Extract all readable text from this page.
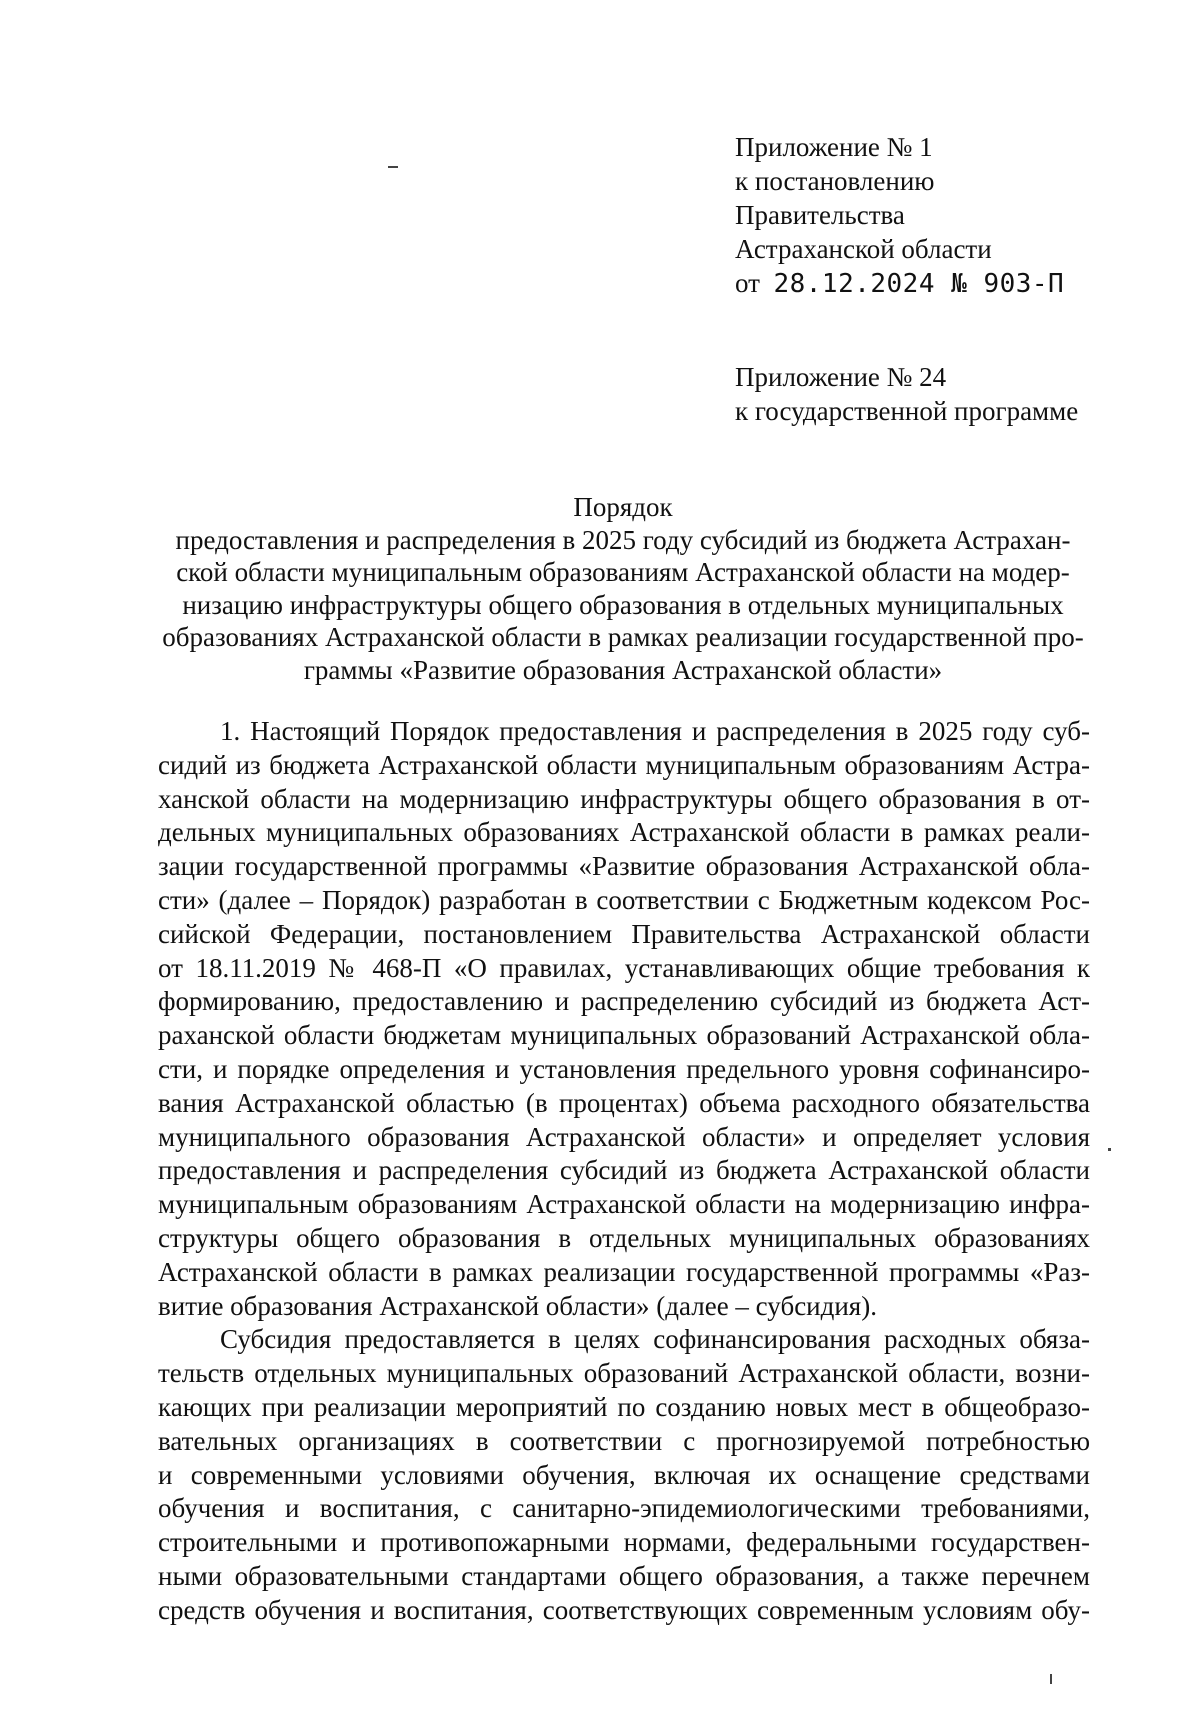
Приложение № 1
к постановлению
Правительства
Астраханской области
от 28.12.2024 № 903-П
Приложение № 24
к государственной программе
Порядок
предоставления и распределения в 2025 году субсидий из бюджета Астрахан-
ской области муниципальным образованиям Астраханской области на модер-
низацию инфраструктуры общего образования в отдельных муниципальных
образованиях Астраханской области в рамках реализации государственной про-
граммы «Развитие образования Астраханской области»
1. Настоящий Порядок предоставления и распределения в 2025 году суб-
сидий из бюджета Астраханской области муниципальным образованиям Астра-
ханской области на модернизацию инфраструктуры общего образования в от-
дельных муниципальных образованиях Астраханской области в рамках реали-
зации государственной программы «Развитие образования Астраханской обла-
сти» (далее – Порядок) разработан в соответствии с Бюджетным кодексом Рос-
сийской Федерации, постановлением Правительства Астраханской области
от 18.11.2019 № 468-П «О правилах, устанавливающих общие требования к
формированию, предоставлению и распределению субсидий из бюджета Аст-
раханской области бюджетам муниципальных образований Астраханской обла-
сти, и порядке определения и установления предельного уровня софинансиро-
вания Астраханской областью (в процентах) объема расходного обязательства
муниципального образования Астраханской области» и определяет условия
предоставления и распределения субсидий из бюджета Астраханской области
муниципальным образованиям Астраханской области на модернизацию инфра-
структуры общего образования в отдельных муниципальных образованиях
Астраханской области в рамках реализации государственной программы «Раз-
витие образования Астраханской области» (далее – субсидия).
Субсидия предоставляется в целях софинансирования расходных обяза-
тельств отдельных муниципальных образований Астраханской области, возни-
кающих при реализации мероприятий по созданию новых мест в общеобразо-
вательных организациях в соответствии с прогнозируемой потребностью
и современными условиями обучения, включая их оснащение средствами
обучения и воспитания, с санитарно-эпидемиологическими требованиями,
строительными и противопожарными нормами, федеральными государствен-
ными образовательными стандартами общего образования, а также перечнем
средств обучения и воспитания, соответствующих современным условиям обу-
